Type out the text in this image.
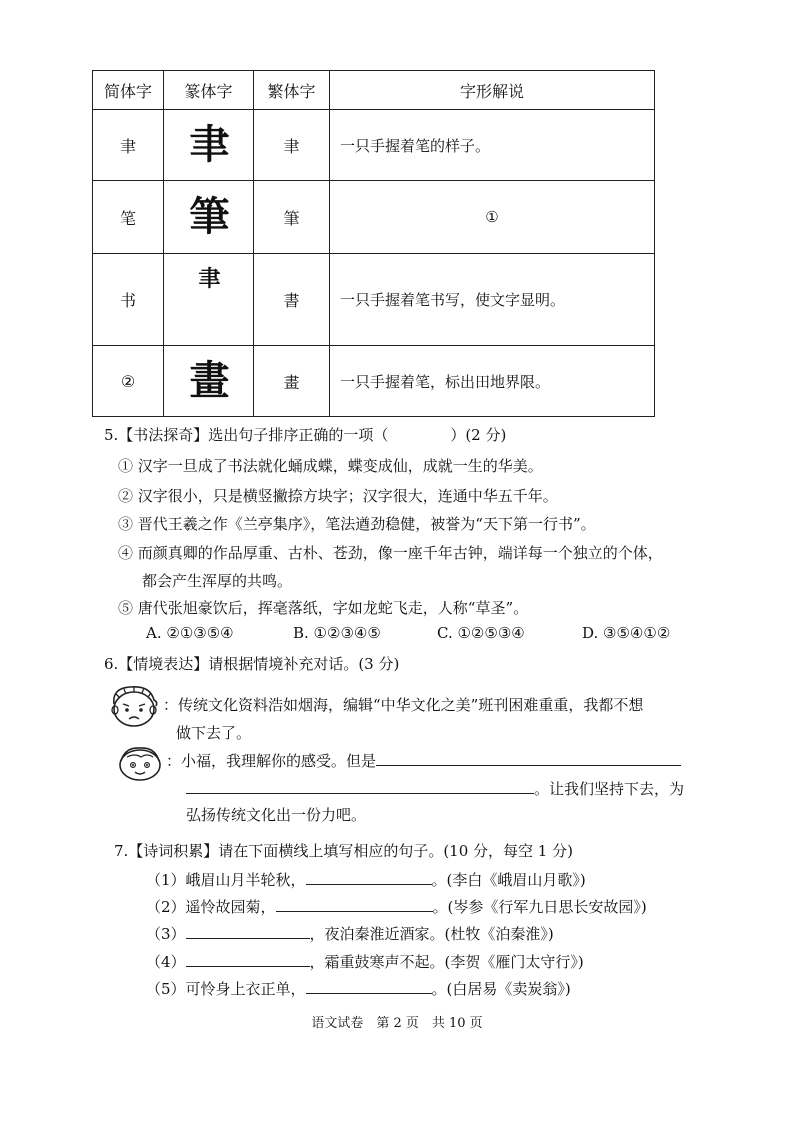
简体字	篆体字	繁体字	字形解说
聿	聿	聿	一只手握着笔的样子。
笔	筆	筆	①
书	聿	書	一只手握着笔书写，使文字显明。
②	畫	畫	一只手握着笔，标出田地界限。
5.【书法探奇】选出句子排序正确的一项（	）(2 分)
① 汉字一旦成了书法就化蛹成蝶，蝶变成仙，成就一生的华美。
② 汉字很小，只是横竖撇捺方块字；汉字很大，连通中华五千年。
③ 晋代王羲之作《兰亭集序》，笔法遒劲稳健，被誉为“天下第一行书”。
④ 而颜真卿的作品厚重、古朴、苍劲，像一座千年古钟，端详每一个独立的个体，
都会产生浑厚的共鸣。
⑤ 唐代张旭豪饮后，挥毫落纸，字如龙蛇飞走，人称“草圣”。
A. ②①③⑤④	B. ①②③④⑤	C. ①②⑤③④	D. ③⑤④①②
6.【情境表达】请根据情境补充对话。(3 分)
：传统文化资料浩如烟海，编辑“中华文化之美”班刊困难重重，我都不想
做下去了。
：小福，我理解你的感受。但是
。让我们坚持下去，为
弘扬传统文化出一份力吧。
7.【诗词积累】请在下面横线上填写相应的句子。(10 分，每空 1 分)
（1）峨眉山月半轮秋，	。(李白《峨眉山月歌》)
（2）遥怜故园菊，	。(岑参《行军九日思长安故园》)
（3）	，夜泊秦淮近酒家。(杜牧《泊秦淮》)
（4）	，霜重鼓寒声不起。(李贺《雁门太守行》)
（5）可怜身上衣正单，	。(白居易《卖炭翁》)
语文试卷　第 2 页　共 10 页
